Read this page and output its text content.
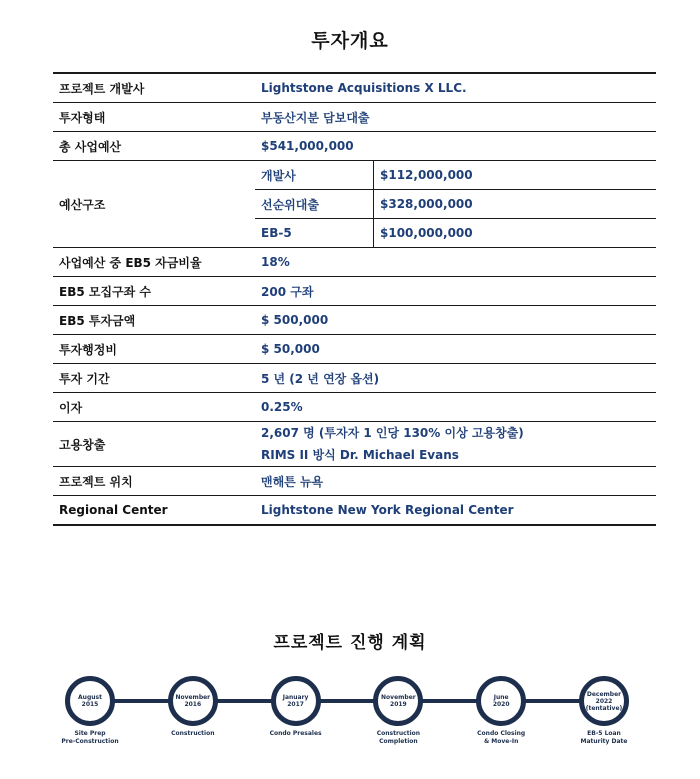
투자개요
프로젝트 개발사	Lightstone Acquisitions X LLC.	
투자형태	부동산지분 담보대출	
총 사업예산	$541,000,000	
예산구조	개발사	$112,000,000
	선순위대출	$328,000,000
	EB-5	$100,000,000
사업예산 중 EB5 자금비율	18%	
EB5 모집구좌 수	200 구좌	
EB5 투자금액	$ 500,000	
투자행정비	$ 50,000	
투자 기간	5 년 (2 년 연장 옵션)	
이자	0.25%	
고용창출	2,607 명 (투자자 1 인당 130% 이상 고용창출)
RIMS II 방식 Dr. Michael Evans	

프로젝트 위치	맨해튼 뉴욕	
Regional Center	Lightstone New York Regional Center	
프로젝트 진행 계획
August
2015
Site Prep
Pre-Construction
November
2016
Construction
January
2017
Condo Presales
November
2019
Construction
Completion
June
2020
Condo Closing
& Move-In
December
2022
(tentative)
EB-5 Loan
Maturity Date
